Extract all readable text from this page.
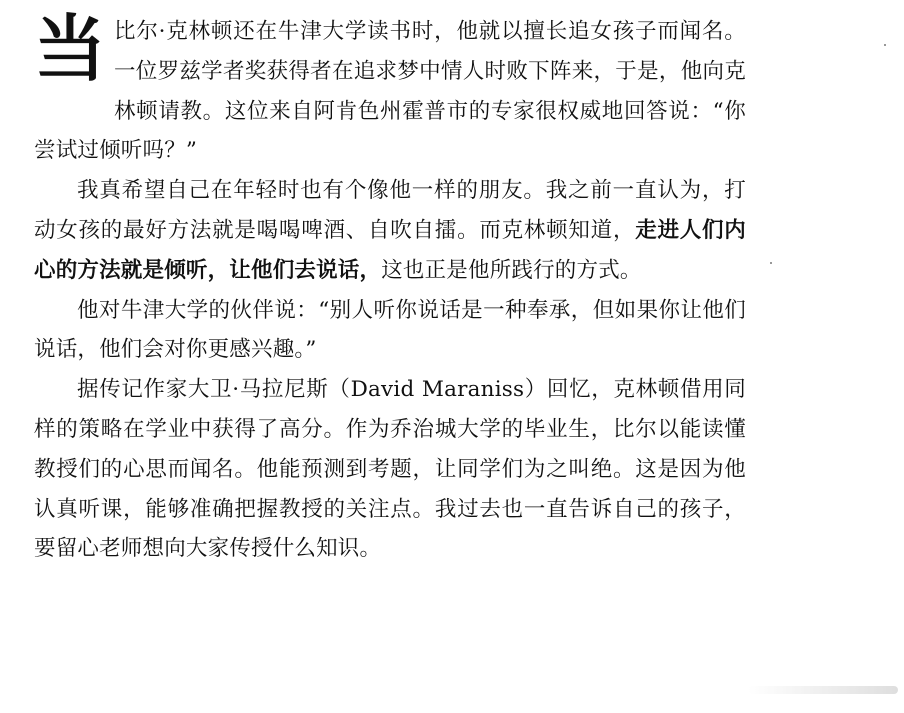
当比尔·克林顿还在牛津大学读书时，他就以擅长追女孩子而闻名。一位罗兹学者奖获得者在追求梦中情人时败下阵来，于是，他向克林顿请教。这位来自阿肯色州霍普市的专家很权威地回答说：“你尝试过倾听吗？”

我真希望自己在年轻时也有个像他一样的朋友。我之前一直认为，打动女孩的最好方法就是喝喝啤酒、自吹自擂。而克林顿知道，走进人们内心的方法就是倾听，让他们去说话，这也正是他所践行的方式。

他对牛津大学的伙伴说：“别人听你说话是一种奉承，但如果你让他们说话，他们会对你更感兴趣。”

据传记作家大卫·马拉尼斯（David Maraniss）回忆，克林顿借用同样的策略在学业中获得了高分。作为乔治城大学的毕业生，比尔以能读懂教授们的心思而闻名。他能预测到考题，让同学们为之叫绝。这是因为他认真听课，能够准确把握教授的关注点。我过去也一直告诉自己的孩子，要留心老师想向大家传授什么知识。
